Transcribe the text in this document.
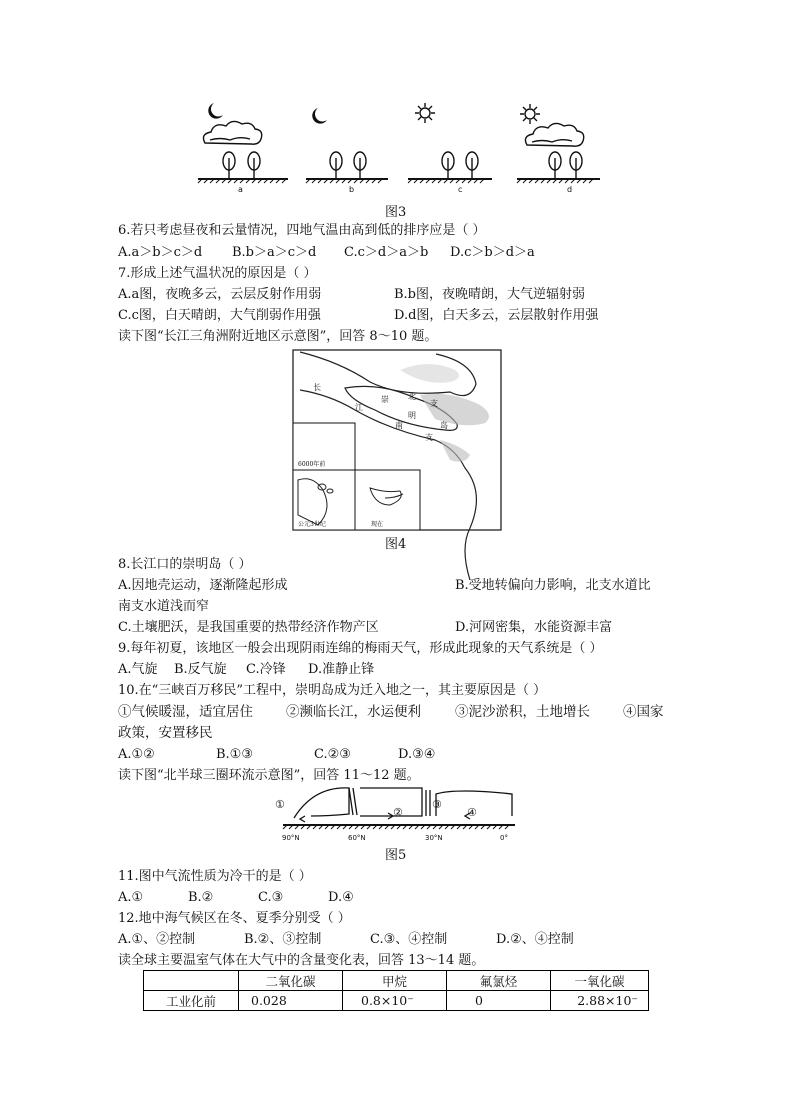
a	b	c	d
图3
6.若只考虑昼夜和云量情况，四地气温由高到低的排序应是（ ）
A.a＞b＞c＞d B.b＞a＞c＞d C.c＞d＞a＞b D.c＞b＞d＞a
7.形成上述气温状况的原因是（ ）
A.a图，夜晚多云，云层反射作用弱	B.b图，夜晚晴朗，大气逆辐射弱
C.c图，白天晴朗，大气削弱作用强	D.d图，白天多云，云层散射作用强
读下图“长江三角洲附近地区示意图”，回答 8～10 题。
长
江
崇
明
岛
北
支
南
支
6000年前
公元3世纪	现在
图4
8.长江口的崇明岛（ ）
A.因地壳运动，逐渐隆起形成	B.受地转偏向力影响，北支水道比
南支水道浅而窄
C.土壤肥沃，是我国重要的热带经济作物产区	D.河网密集，水能资源丰富
9.每年初夏，该地区一般会出现阴雨连绵的梅雨天气，形成此现象的天气系统是（ ）
A.气旋 B.反气旋 C.冷锋 D.准静止锋
10.在“三峡百万移民”工程中，崇明岛成为迁入地之一，其主要原因是（ ）
①气候暖湿，适宜居住 ②濒临长江，水运便利	③泥沙淤积，土地增长 ④国家
政策，安置移民
A.①②	B.①③	C.②③	D.③④
读下图“北半球三圈环流示意图”，回答 11～12 题。
①
②
③
④
90°N	60°N	30°N	0°
图5
11.图中气流性质为冷干的是（ ）
A.①	B.②	C.③	D.④
12.地中海气候区在冬、夏季分别受（ ）
A.①、②控制	B.②、③控制	C.③、④控制	D.②、④控制
读全球主要温室气体在大气中的含量变化表，回答 13～14 题。
	二氧化碳	甲烷	氟氯烃	一氧化碳
工业化前	0.028	0.8×10⁻	0	2.88×10⁻
